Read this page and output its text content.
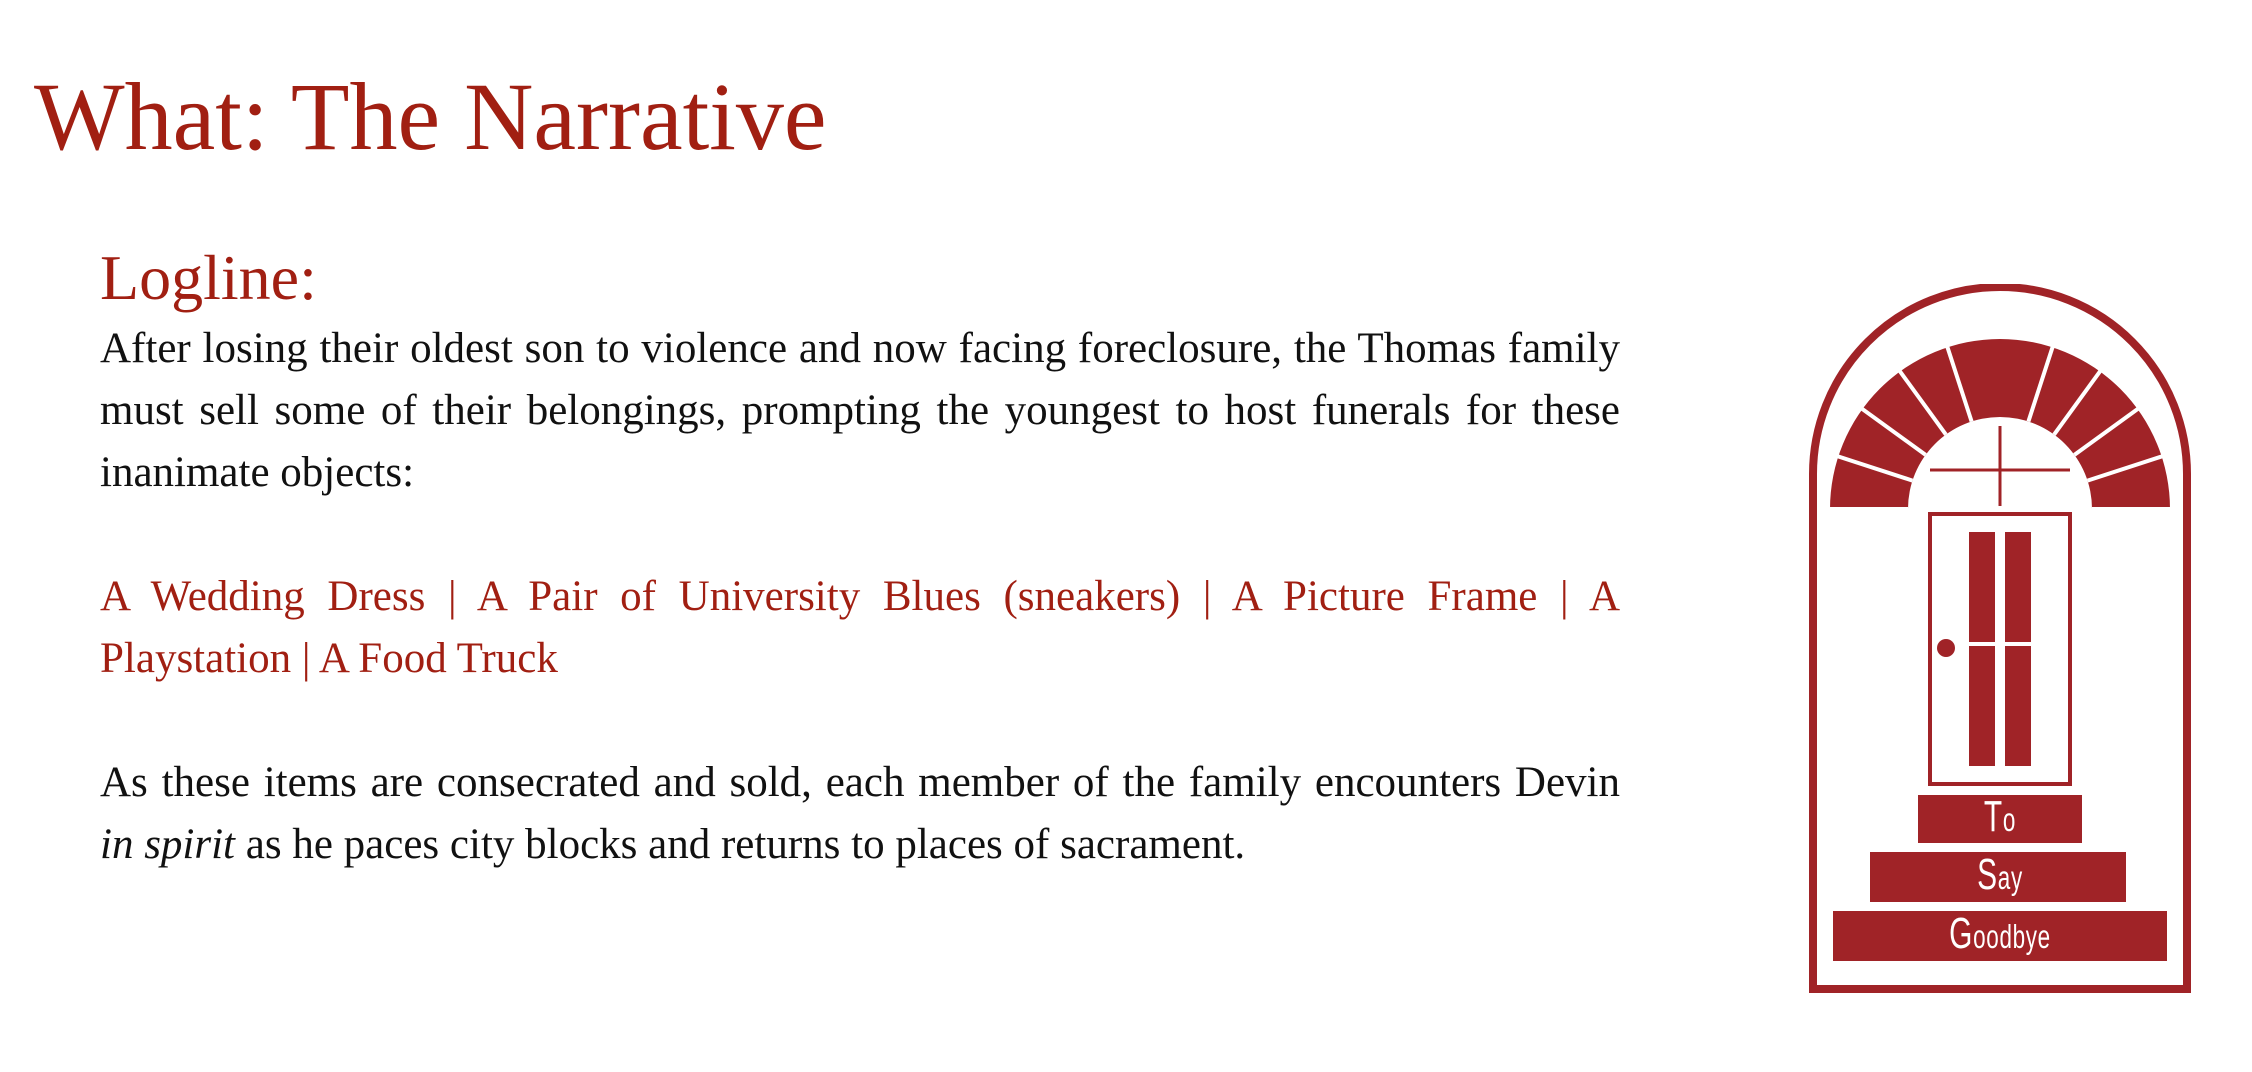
What: The Narrative
Logline:

After losing their oldest son to violence and now facing foreclosure, the Thomas family must sell some of their belongings, prompting the youngest to host funerals for these inanimate objects:

A Wedding Dress | A Pair of University Blues (sneakers) | A Picture Frame | A Playstation | A Food Truck

As these items are consecrated and sold, each member of the family encounters Devin in spirit as he paces city blocks and returns to places of sacrament.

To
Say
Goodbye
